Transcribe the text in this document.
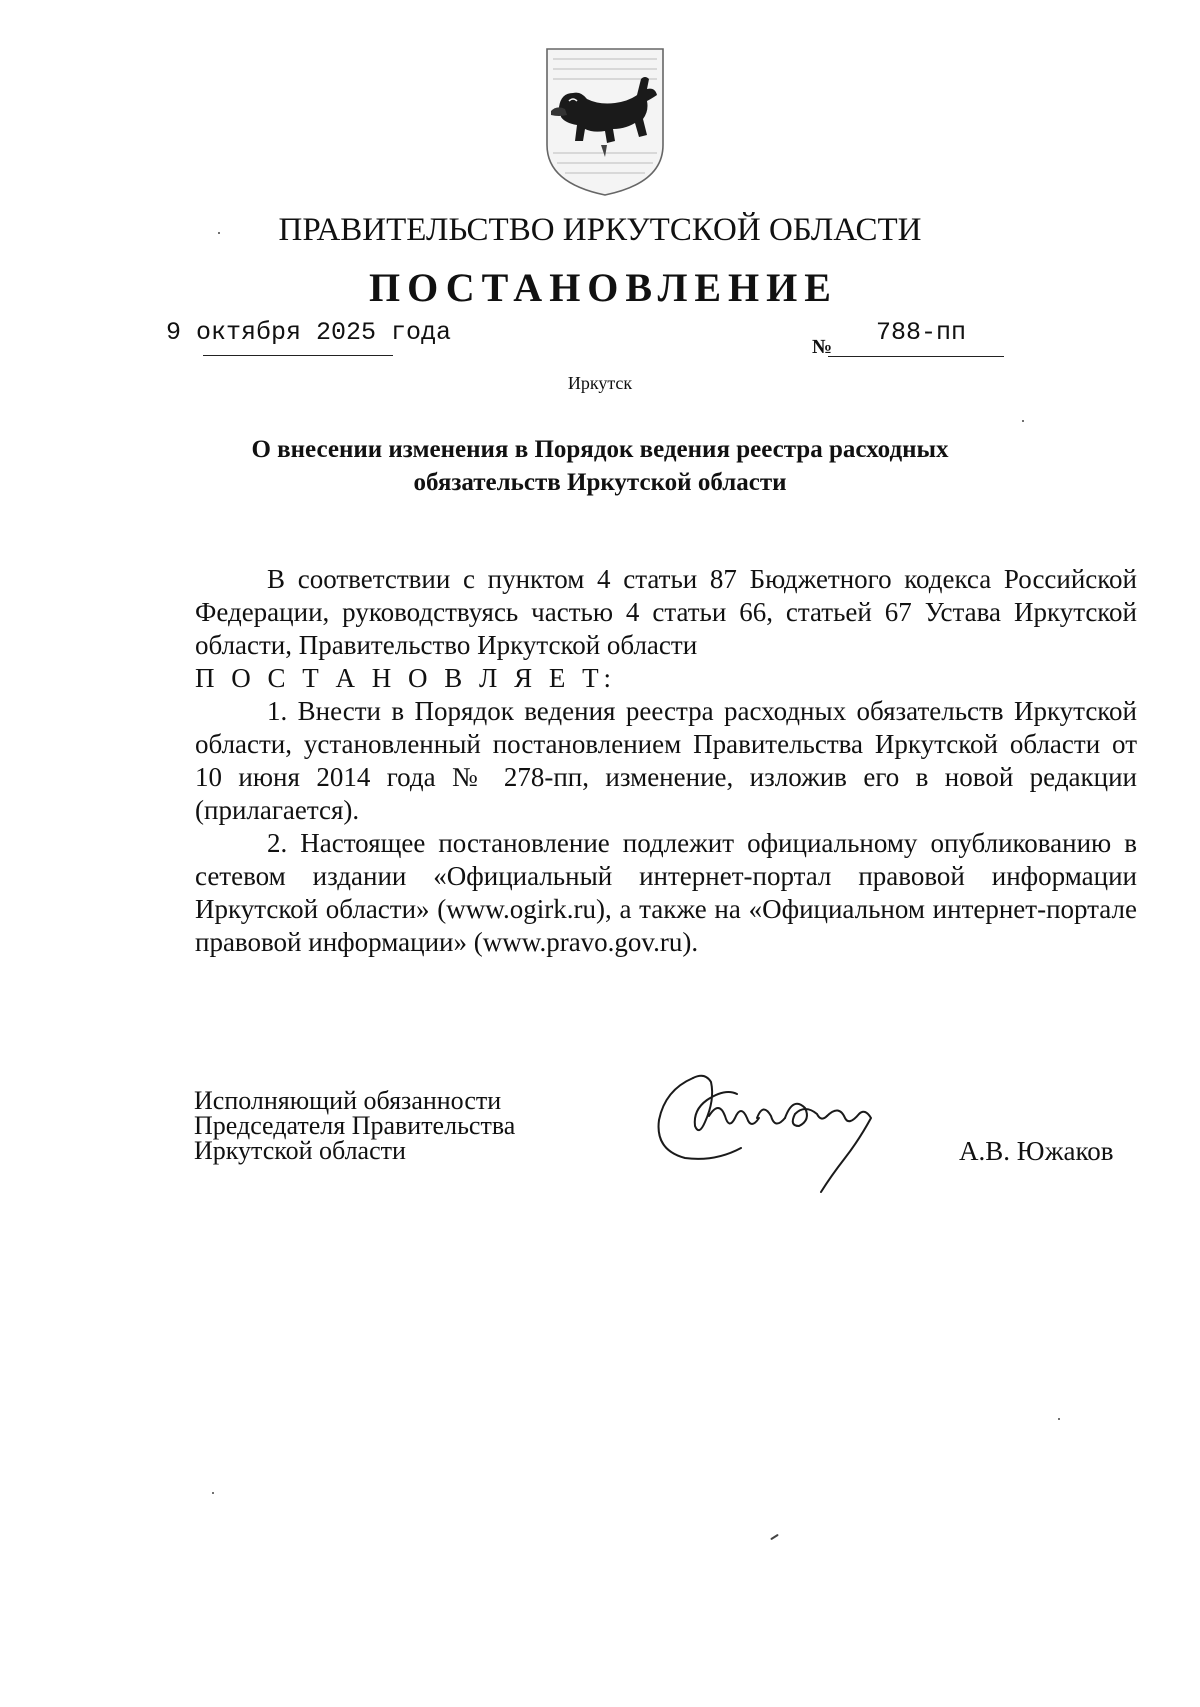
ПРАВИТЕЛЬСТВО ИРКУТСКОЙ ОБЛАСТИ
ПОСТАНОВЛЕНИЕ
9 октября 2025 года	№ 788-пп
Иркутск
О внесении изменения в Порядок ведения реестра расходных
обязательств Иркутской области

В соответствии с пунктом 4 статьи 87 Бюджетного кодекса Российской Федерации, руководствуясь частью 4 статьи 66, статьей 67 Устава Иркутской области, Правительство Иркутской области

П О С Т А Н О В Л Я Е Т:

1. Внести в Порядок ведения реестра расходных обязательств Иркутской области, установленный постановлением Правительства Иркутской области от 10 июня 2014 года № 278-пп, изменение, изложив его в новой редакции (прилагается).

2. Настоящее постановление подлежит официальному опубликованию в сетевом издании «Официальный интернет-портал правовой информации Иркутской области» (www.ogirk.ru), а также на «Официальном интернет-портале правовой информации» (www.pravo.gov.ru).

Исполняющий обязанности
Председателя Правительства
Иркутской области	А.В. Южаков
